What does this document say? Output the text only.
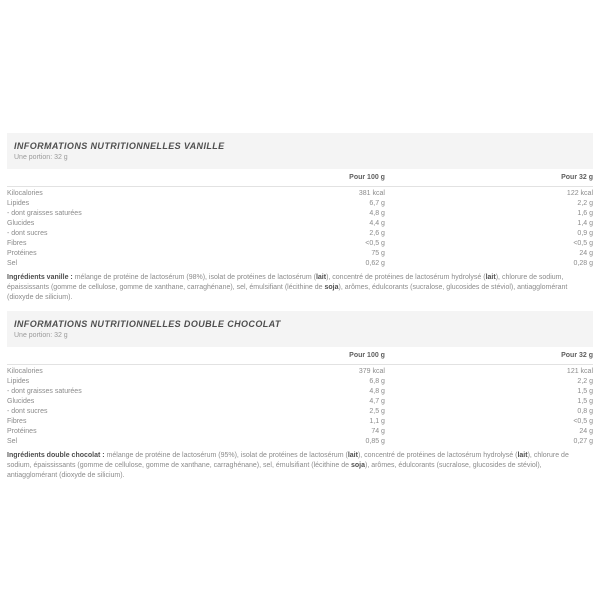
INFORMATIONS NUTRITIONNELLES VANILLE
Une portion: 32 g
	Pour 100 g	Pour 32 g
Kilocalories	381 kcal	122 kcal
Lipides	6,7 g	2,2 g
- dont graisses saturées	4,8 g	1,6 g
Glucides	4,4 g	1,4 g
- dont sucres	2,6 g	0,9 g
Fibres	<0,5 g	<0,5 g
Protéines	75 g	24 g
Sel	0,62 g	0,28 g

Ingrédients vanille : mélange de protéine de lactosérum (98%), isolat de protéines de lactosérum (lait), concentré de protéines de lactosérum hydrolysé (lait), chlorure de sodium, épaississants (gomme de cellulose, gomme de xanthane, carraghénane), sel, émulsifiant (lécithine de soja), arômes, édulcorants (sucralose, glucosides de stéviol), antiagglomérant (dioxyde de silicium).

INFORMATIONS NUTRITIONNELLES DOUBLE CHOCOLAT
Une portion: 32 g
	Pour 100 g	Pour 32 g
Kilocalories	379 kcal	121 kcal
Lipides	6,8 g	2,2 g
- dont graisses saturées	4,8 g	1,5 g
Glucides	4,7 g	1,5 g
- dont sucres	2,5 g	0,8 g
Fibres	1,1 g	<0,5 g
Protéines	74 g	24 g
Sel	0,85 g	0,27 g

Ingrédients double chocolat : mélange de protéine de lactosérum (95%), isolat de protéines de lactosérum (lait), concentré de protéines de lactosérum hydrolysé (lait), chlorure de sodium, épaississants (gomme de cellulose, gomme de xanthane, carraghénane), sel, émulsifiant (lécithine de soja), arômes, édulcorants (sucralose, glucosides de stéviol), antiagglomérant (dioxyde de silicium).
